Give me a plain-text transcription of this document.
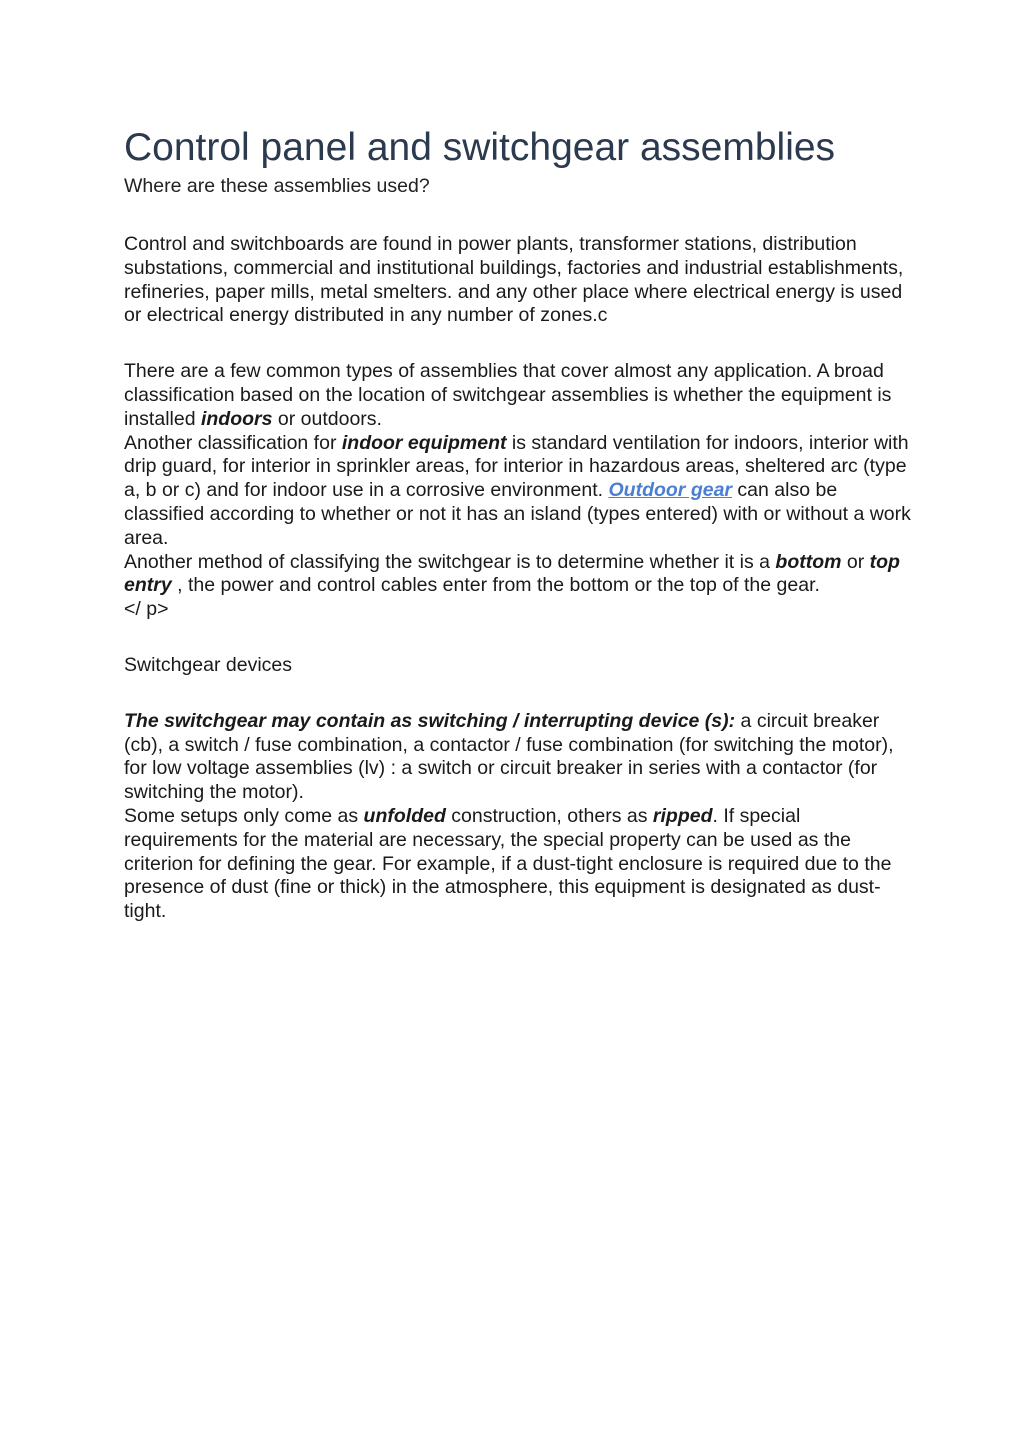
Control panel and switchgear assemblies
Where are these assemblies used?

Control and switchboards are found in power plants, transformer stations, distribution substations, commercial and institutional buildings, factories and industrial establishments, refineries, paper mills, metal smelters. and any other place where electrical energy is used or electrical energy distributed in any number of zones.c

There are a few common types of assemblies that cover almost any application. A broad classification based on the location of switchgear assemblies is whether the equipment is installed indoors or outdoors.
Another classification for indoor equipment is standard ventilation for indoors, interior with drip guard, for interior in sprinkler areas, for interior in hazardous areas, sheltered arc (type a, b or c) and for indoor use in a corrosive environment. Outdoor gear can also be classified according to whether or not it has an island (types entered) with or without a work area.
Another method of classifying the switchgear is to determine whether it is a bottom or top entry , the power and control cables enter from the bottom or the top of the gear.
</ p>

Switchgear devices

The switchgear may contain as switching / interrupting device (s): a circuit breaker (cb), a switch / fuse combination, a contactor / fuse combination (for switching the motor), for low voltage assemblies (lv) : a switch or circuit breaker in series with a contactor (for switching the motor).
Some setups only come as unfolded construction, others as ripped. If special requirements for the material are necessary, the special property can be used as the criterion for defining the gear. For example, if a dust-tight enclosure is required due to the presence of dust (fine or thick) in the atmosphere, this equipment is designated as dust-tight.
